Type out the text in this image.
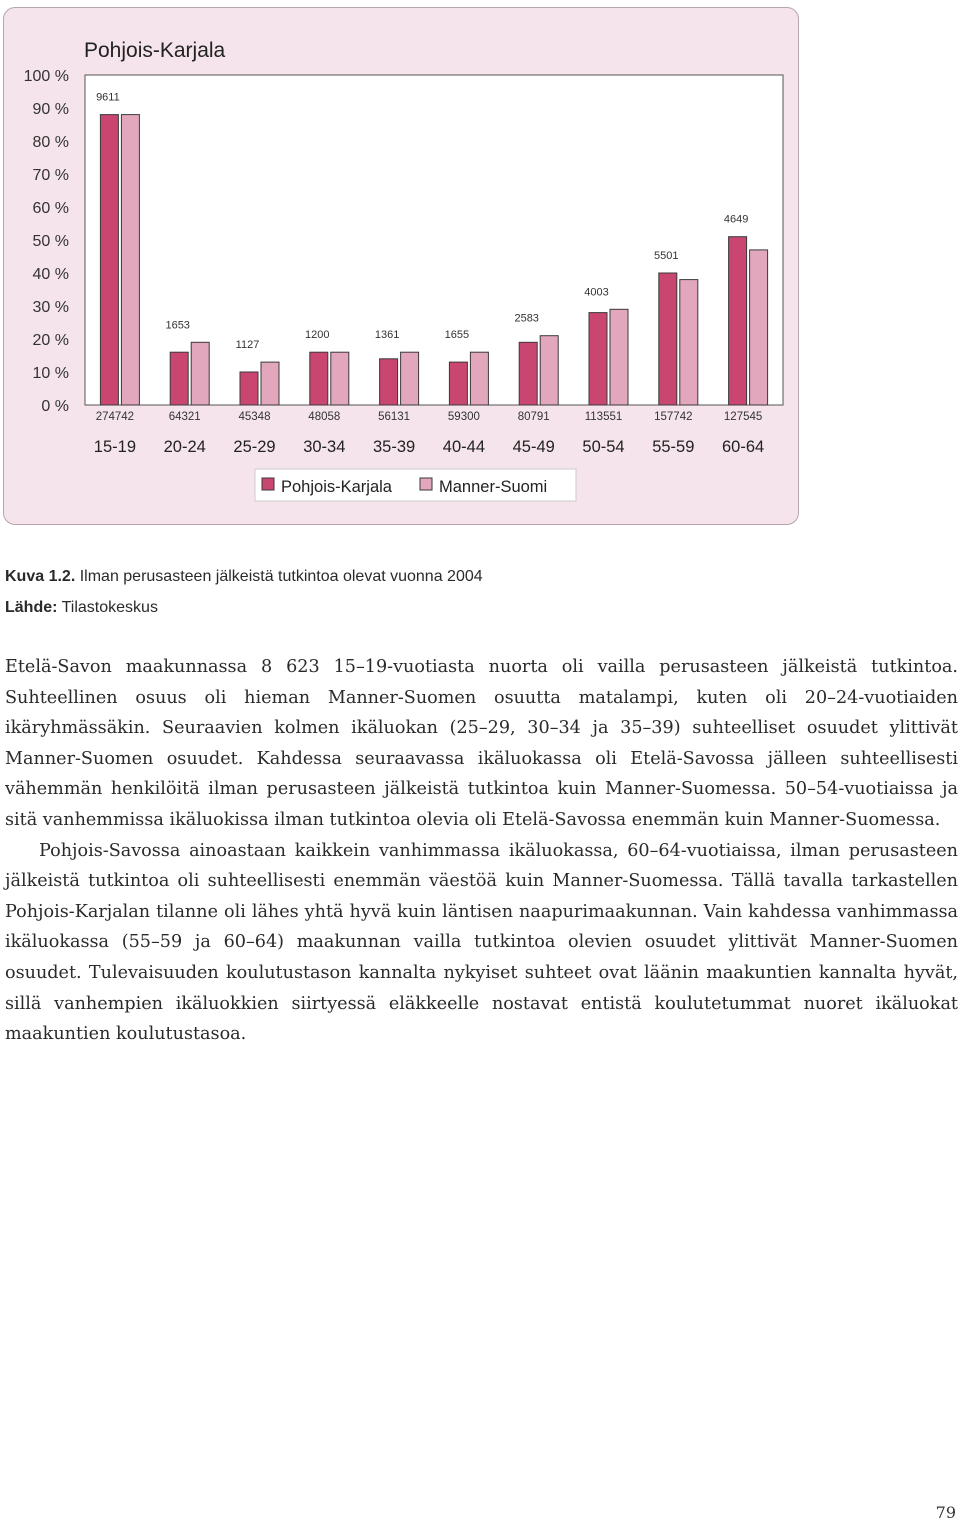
Pohjois-Karjala
0 %
10 %
20 %
30 %
40 %
50 %
60 %
70 %
80 %
90 %
100 %
9611
274742
15-19
1653
64321
20-24
1127
45348
25-29
1200
48058
30-34
1361
56131
35-39
1655
59300
40-44
2583
80791
45-49
4003
113551
50-54
5501
157742
55-59
4649
127545
60-64
Pohjois-Karjala	Manner-Suomi
Kuva 1.2. Ilman perusasteen jälkeistä tutkintoa olevat vuonna 2004
Lähde: Tilastokeskus

Etelä-Savon maakunnassa 8 623 15–19-vuotiasta nuorta oli vailla perusasteen jälkeistä tutkintoa. Suhteellinen osuus oli hieman Manner-Suomen osuutta matalampi, kuten oli 20–24-vuotiaiden ikäryhmässäkin. Seuraavien kolmen ikäluokan (25–29, 30–34 ja 35–39) suhteelliset osuudet ylittivät Manner-Suomen osuudet. Kahdessa seuraavassa ikäluokassa oli Etelä-Savossa jälleen suhteellisesti vähemmän henkilöitä ilman perusasteen jälkeistä tutkintoa kuin Manner-Suomessa. 50–54-vuotiaissa ja sitä vanhemmissa ikäluokissa ilman tutkintoa olevia oli Etelä-Savossa enemmän kuin Manner-Suomessa.

Pohjois-Savossa ainoastaan kaikkein vanhimmassa ikäluokassa, 60–64-vuotiaissa, ilman perusasteen jälkeistä tutkintoa oli suhteellisesti enemmän väestöä kuin Manner-Suomessa. Tällä tavalla tarkastellen Pohjois-Karjalan tilanne oli lähes yhtä hyvä kuin läntisen naapurimaakunnan. Vain kahdessa vanhimmassa ikäluokassa (55–59 ja 60–64) maakunnan vailla tutkintoa olevien osuudet ylittivät Manner-Suomen osuudet. Tulevaisuuden koulutustason kannalta nykyiset suhteet ovat läänin maakuntien kannalta hyvät, sillä vanhempien ikäluokkien siirtyessä eläkkeelle nostavat entistä koulutetummat nuoret ikäluokat maakuntien koulutustasoa.

79
